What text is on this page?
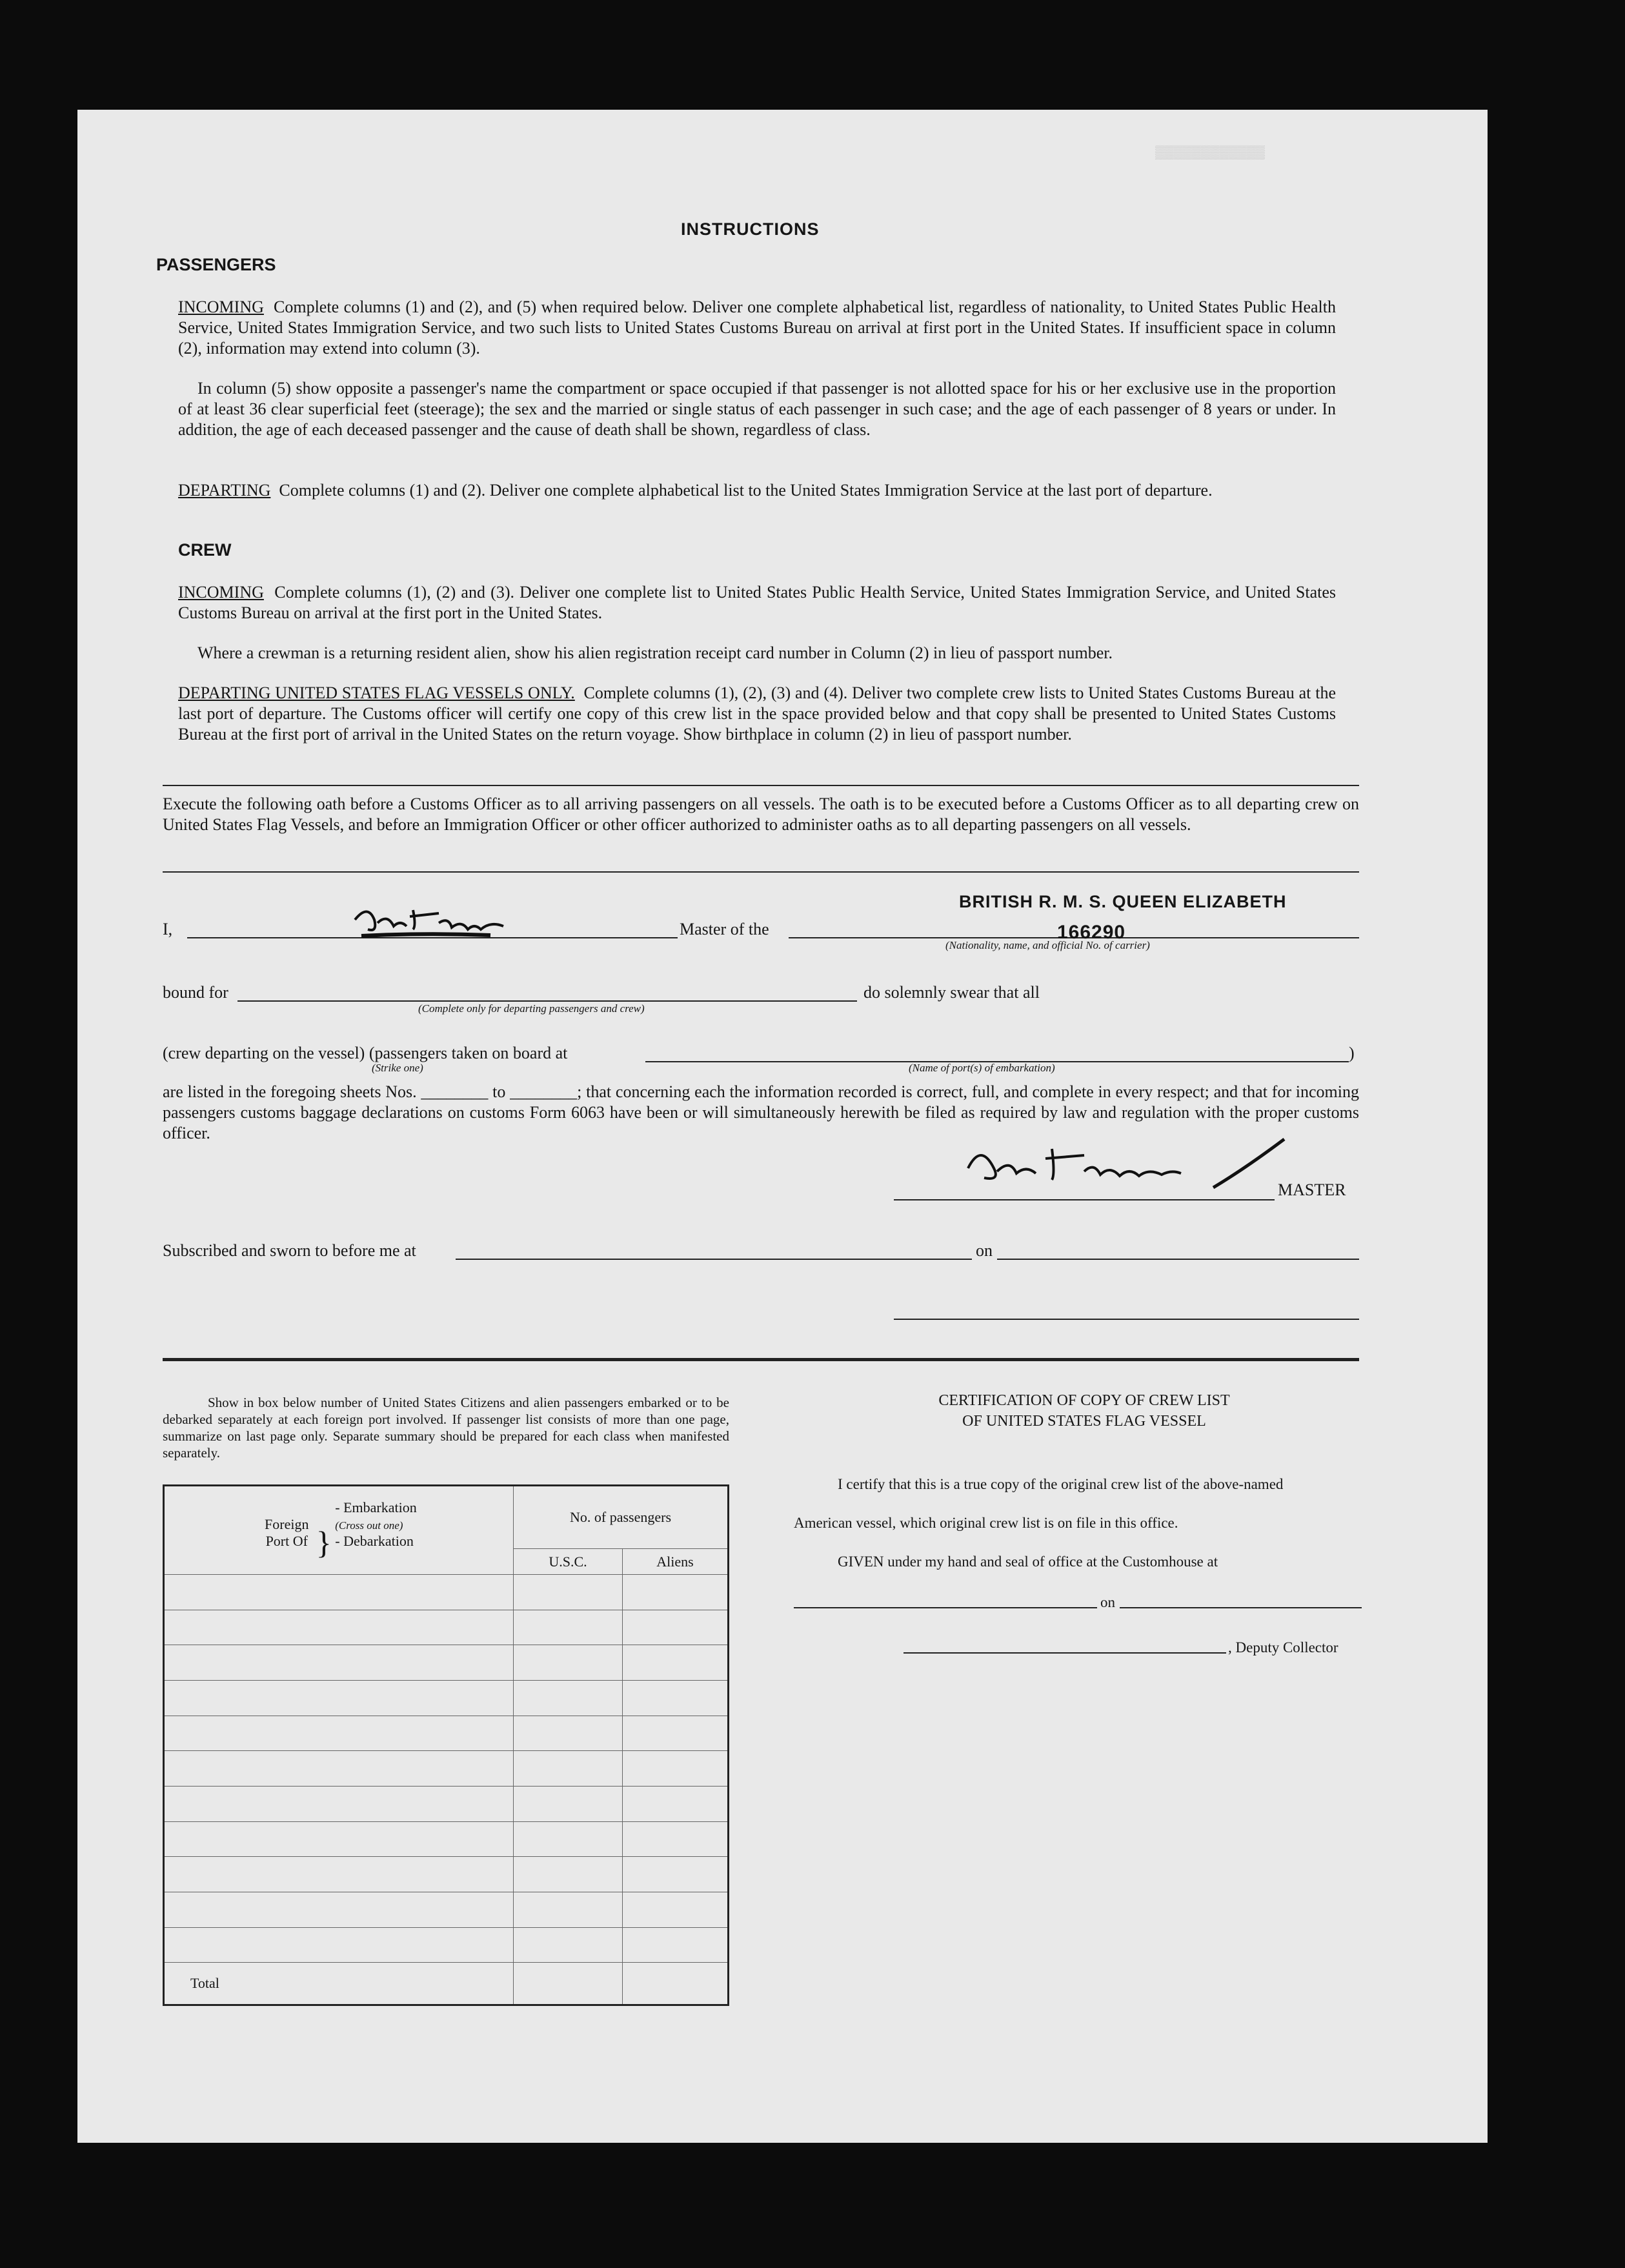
▒▒▒▒▒▒▒▒▒▒▒▒
INSTRUCTIONS
PASSENGERS
INCOMING Complete columns (1) and (2), and (5) when required below. Deliver one complete alphabetical list, regardless of nationality, to United States Public Health Service, United States Immigration Service, and two such lists to United States Customs Bureau on arrival at first port in the United States. If insufficient space in column (2), information may extend into column (3).
In column (5) show opposite a passenger's name the compartment or space occupied if that passenger is not allotted space for his or her exclusive use in the proportion of at least 36 clear superficial feet (steerage); the sex and the married or single status of each passenger in such case; and the age of each passenger of 8 years or under. In addition, the age of each deceased passenger and the cause of death shall be shown, regardless of class.
DEPARTING Complete columns (1) and (2). Deliver one complete alphabetical list to the United States Immigration Service at the last port of departure.
CREW
INCOMING Complete columns (1), (2) and (3). Deliver one complete list to United States Public Health Service, United States Immigration Service, and United States Customs Bureau on arrival at the first port in the United States.
Where a crewman is a returning resident alien, show his alien registration receipt card number in Column (2) in lieu of passport number.
DEPARTING UNITED STATES FLAG VESSELS ONLY. Complete columns (1), (2), (3) and (4). Deliver two complete crew lists to United States Customs Bureau at the last port of departure. The Customs officer will certify one copy of this crew list in the space provided below and that copy shall be presented to United States Customs Bureau at the first port of arrival in the United States on the return voyage. Show birthplace in column (2) in lieu of passport number.
Execute the following oath before a Customs Officer as to all arriving passengers on all vessels. The oath is to be executed before a Customs Officer as to all departing crew on United States Flag Vessels, and before an Immigration Officer or other officer authorized to administer oaths as to all departing passengers on all vessels.
I,	Master of the
BRITISH R. M. S. QUEEN ELIZABETH
166290
(Nationality, name, and official No. of carrier)
bound for
(Complete only for departing passengers and crew)
do solemnly swear that all
(crew departing on the vessel) (passengers taken on board at	)
(Strike one)	(Name of port(s) of embarkation)
are listed in the foregoing sheets Nos. ________ to ________; that concerning each the information recorded is correct, full, and complete in every respect; and that for incoming passengers customs baggage declarations on customs Form 6063 have been or will simultaneously herewith be filed as required by law and regulation with the proper customs officer.
MASTER
Subscribed and sworn to before me at	on
Show in box below number of United States Citizens and alien passengers embarked or to be debarked separately at each foreign port involved. If passenger list consists of more than one page, summarize on last page only. Separate summary should be prepared for each class when manifested separately.
Foreign Port Of } - Embarkation
(Cross out one)
- Debarkation	No. of passengers	
	U.S.C.	Aliens

Total		
CERTIFICATION OF COPY OF CREW LIST
OF UNITED STATES FLAG VESSEL
I certify that this is a true copy of the original crew list of the above-named
American vessel, which original crew list is on file in this office.
GIVEN under my hand and seal of office at the Customhouse at
on
, Deputy Collector
